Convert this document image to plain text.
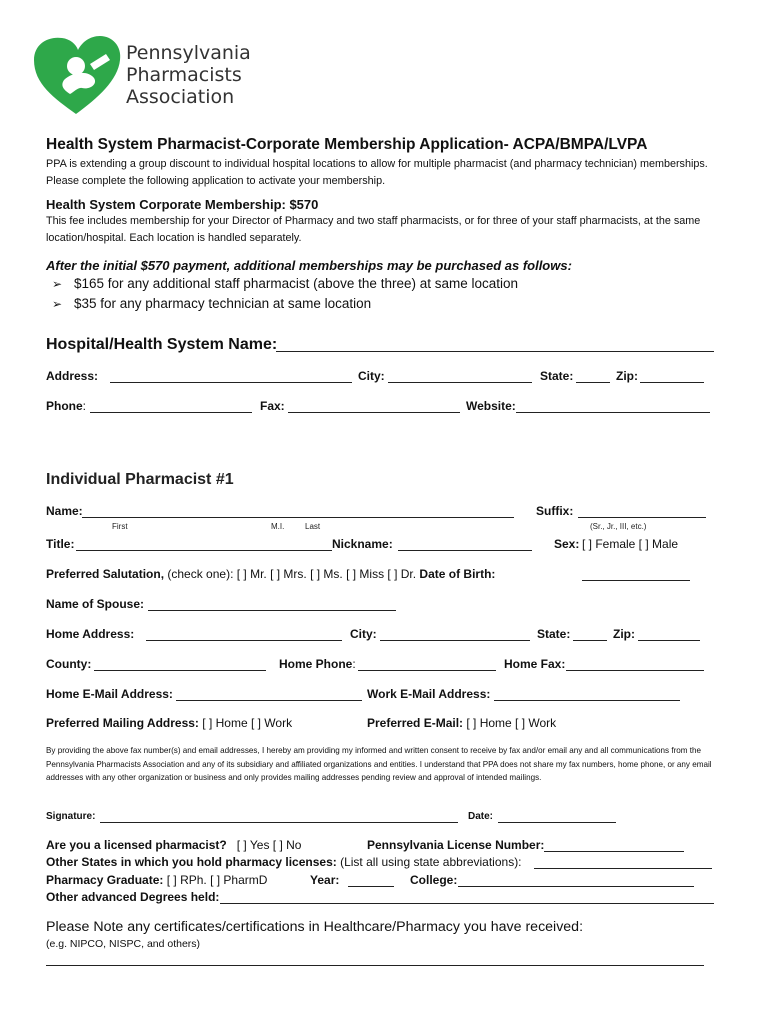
Pennsylvania
Pharmacists
Association
Health System Pharmacist-Corporate Membership Application- ACPA/BMPA/LVPA
PPA is extending a group discount to individual hospital locations to allow for multiple pharmacist (and pharmacy technician) memberships. Please complete the following application to activate your membership.
Health System Corporate Membership: $570
This fee includes membership for your Director of Pharmacy and two staff pharmacists, or for three of your staff pharmacists, at the same location/hospital. Each location is handled separately.
After the initial $570 payment, additional memberships may be purchased as follows:
➢ $165 for any additional staff pharmacist (above the three) at same location
➢ $35 for any pharmacy technician at same location
Hospital/Health System Name:
Address:	City:	State:	Zip:
Phone:	Fax:	Website:
Individual Pharmacist #1
Name:	Suffix:
First	M.I.	Last	(Sr., Jr., III, etc.)
Title:	Nickname:	Sex: [ ] Female [ ] Male
Preferred Salutation, (check one): [ ] Mr. [ ] Mrs. [ ] Ms. [ ] Miss [ ] Dr. Date of Birth:
Name of Spouse:
Home Address:	City:	State:	Zip:
County:	Home Phone:	Home Fax:
Home E-Mail Address:	Work E-Mail Address:
Preferred Mailing Address: [ ] Home [ ] Work	Preferred E-Mail: [ ] Home [ ] Work
By providing the above fax number(s) and email addresses, I hereby am providing my informed and written consent to receive by fax and/or email any and all communications from the Pennsylvania Pharmacists Association and any of its subsidiary and affiliated organizations and entities. I understand that PPA does not share my fax numbers, home phone, or any email addresses with any other organization or business and only provides mailing addresses pending review and approval of intended mailings.
Signature:	Date:
Are you a licensed pharmacist? [ ] Yes [ ] No	Pennsylvania License Number:
Other States in which you hold pharmacy licenses: (List all using state abbreviations):
Pharmacy Graduate: [ ] RPh. [ ] PharmD	Year:	College:
Other advanced Degrees held:
Please Note any certificates/certifications in Healthcare/Pharmacy you have received:
(e.g. NIPCO, NISPC, and others)
